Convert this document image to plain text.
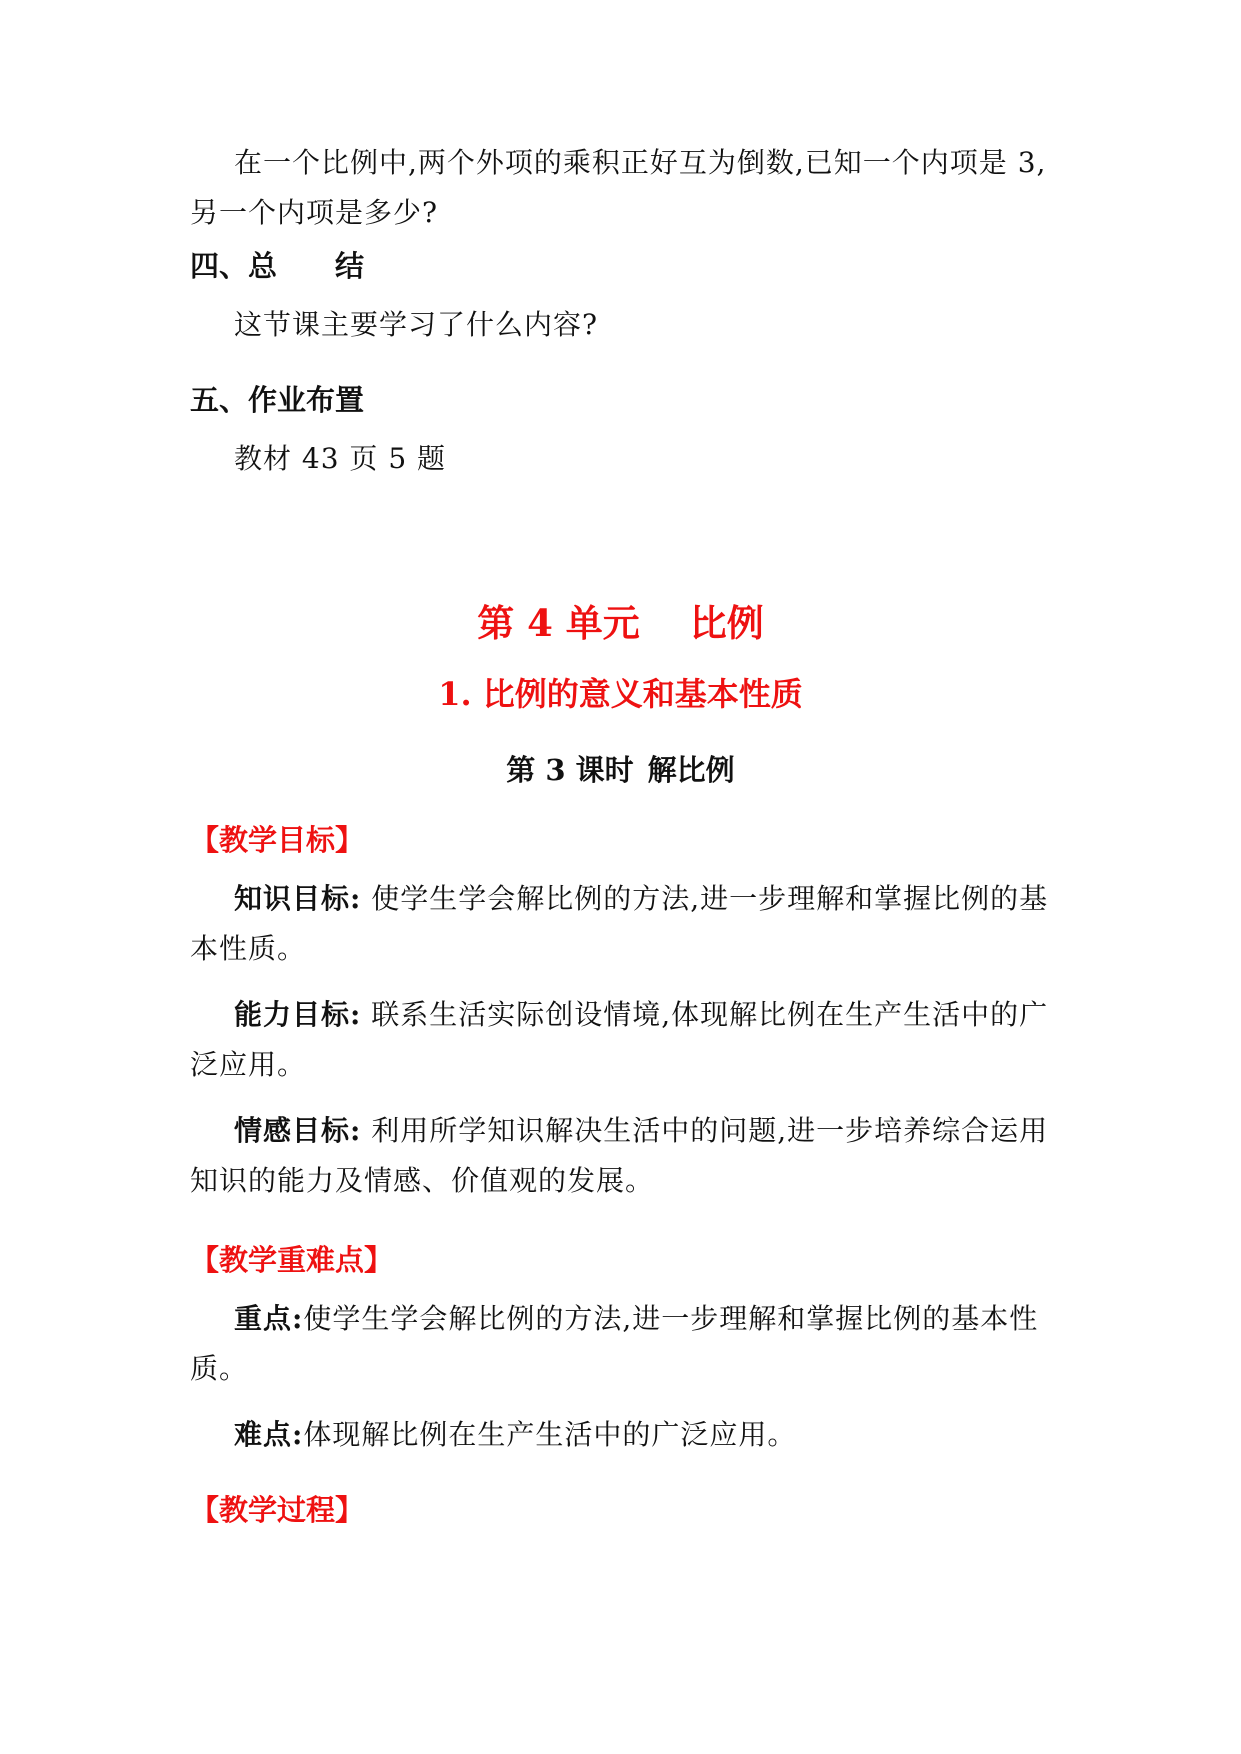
在一个比例中,两个外项的乘积正好互为倒数,已知一个内项是 3,另一个内项是多少?

四、总 结

这节课主要学习了什么内容?

五、作业布置

教材 43 页 5 题

第 4 单元 比例

1. 比例的意义和基本性质

第 3 课时 解比例

【教学目标】

知识目标: 使学生学会解比例的方法,进一步理解和掌握比例的基本性质。

能力目标: 联系生活实际创设情境,体现解比例在生产生活中的广泛应用。

情感目标: 利用所学知识解决生活中的问题,进一步培养综合运用知识的能力及情感、价值观的发展。

【教学重难点】

重点:使学生学会解比例的方法,进一步理解和掌握比例的基本性质。

难点:体现解比例在生产生活中的广泛应用。

【教学过程】
